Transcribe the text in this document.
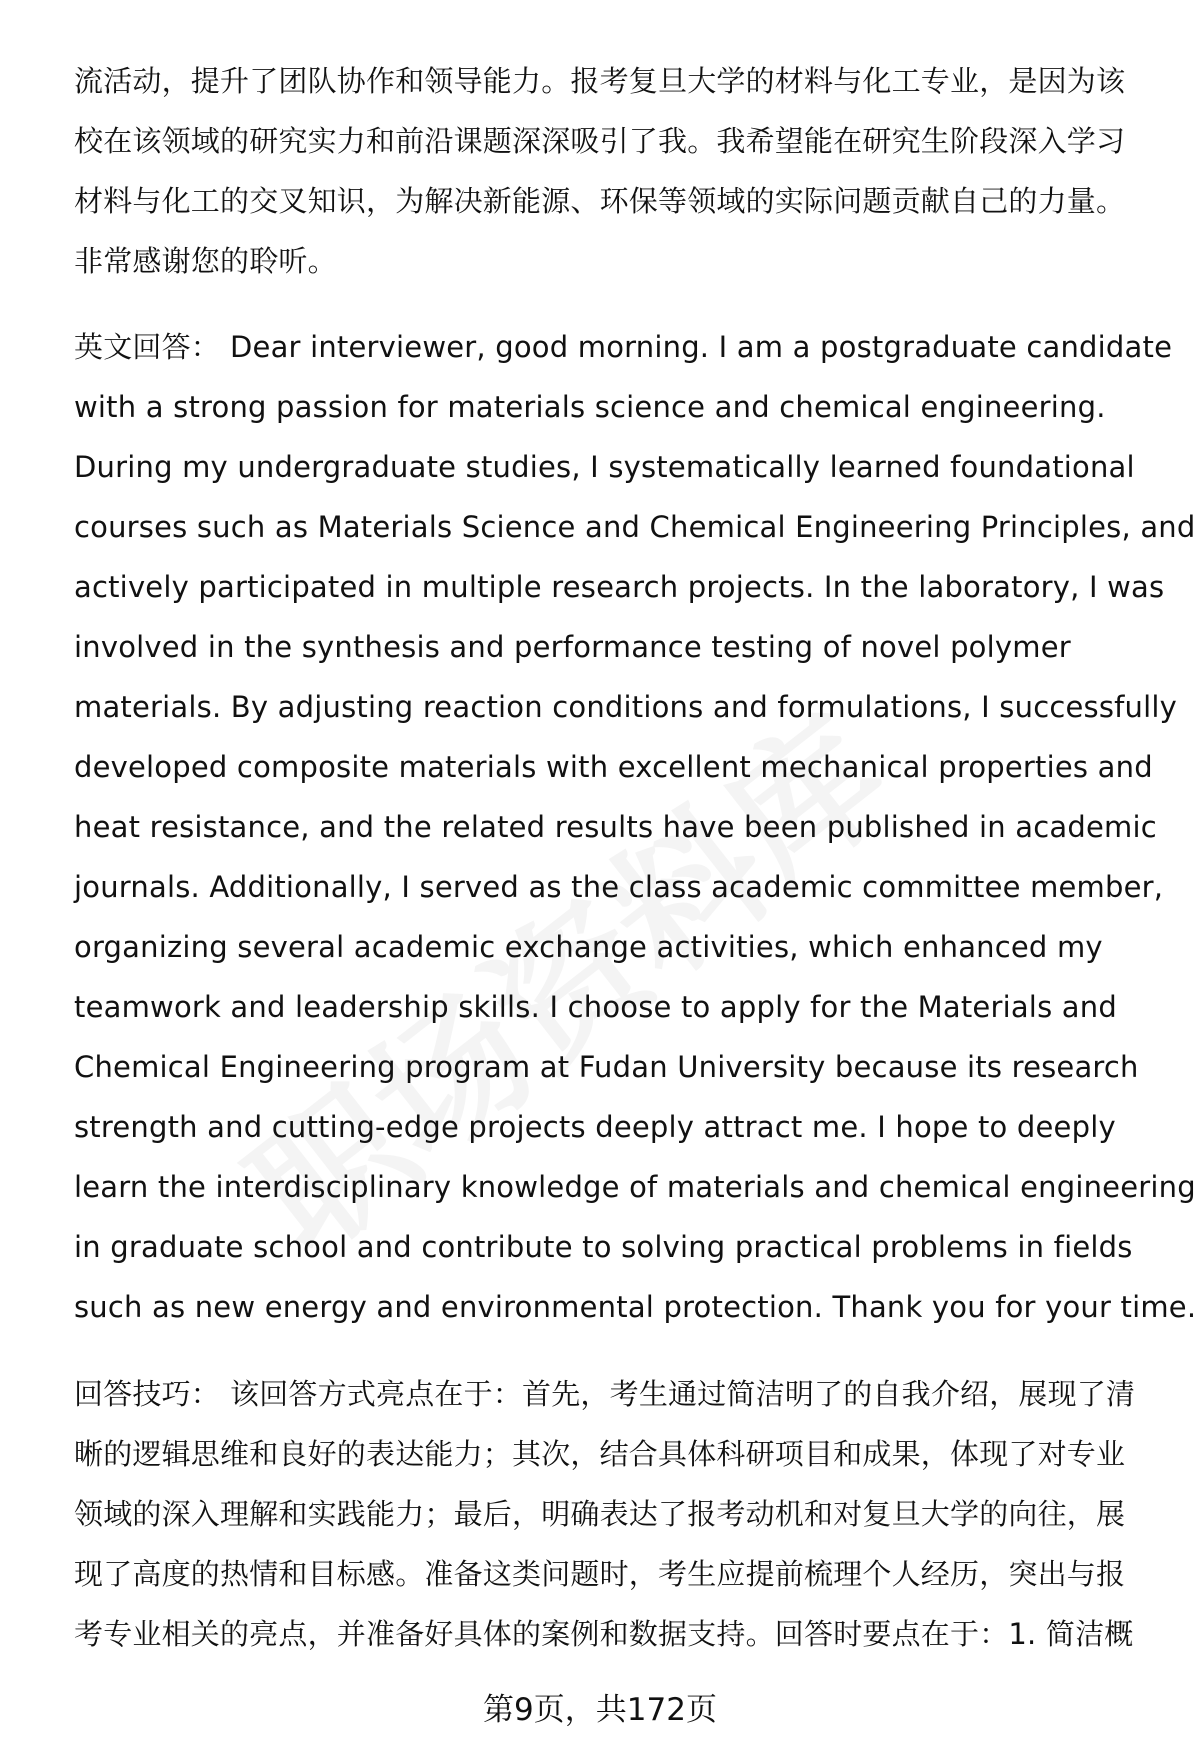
流活动，提升了团队协作和领导能力。报考复旦大学的材料与化工专业，是因为该
校在该领域的研究实力和前沿课题深深吸引了我。我希望能在研究生阶段深入学习
材料与化工的交叉知识，为解决新能源、环保等领域的实际问题贡献自己的力量。
非常感谢您的聆听。
英文回答： Dear interviewer, good morning. I am a postgraduate candidate
with a strong passion for materials science and chemical engineering.
During my undergraduate studies, I systematically learned foundational
courses such as Materials Science and Chemical Engineering Principles, and
actively participated in multiple research projects. In the laboratory, I was
involved in the synthesis and performance testing of novel polymer
materials. By adjusting reaction conditions and formulations, I successfully
developed composite materials with excellent mechanical properties and
heat resistance, and the related results have been published in academic
journals. Additionally, I served as the class academic committee member,
organizing several academic exchange activities, which enhanced my
teamwork and leadership skills. I choose to apply for the Materials and
Chemical Engineering program at Fudan University because its research
strength and cutting-edge projects deeply attract me. I hope to deeply
learn the interdisciplinary knowledge of materials and chemical engineering
in graduate school and contribute to solving practical problems in fields
such as new energy and environmental protection. Thank you for your time.
回答技巧： 该回答方式亮点在于：首先，考生通过简洁明了的自我介绍，展现了清
晰的逻辑思维和良好的表达能力；其次，结合具体科研项目和成果，体现了对专业
领域的深入理解和实践能力；最后，明确表达了报考动机和对复旦大学的向往，展
现了高度的热情和目标感。准备这类问题时，考生应提前梳理个人经历，突出与报
考专业相关的亮点，并准备好具体的案例和数据支持。回答时要点在于：1. 简洁概
第9页，共172页
